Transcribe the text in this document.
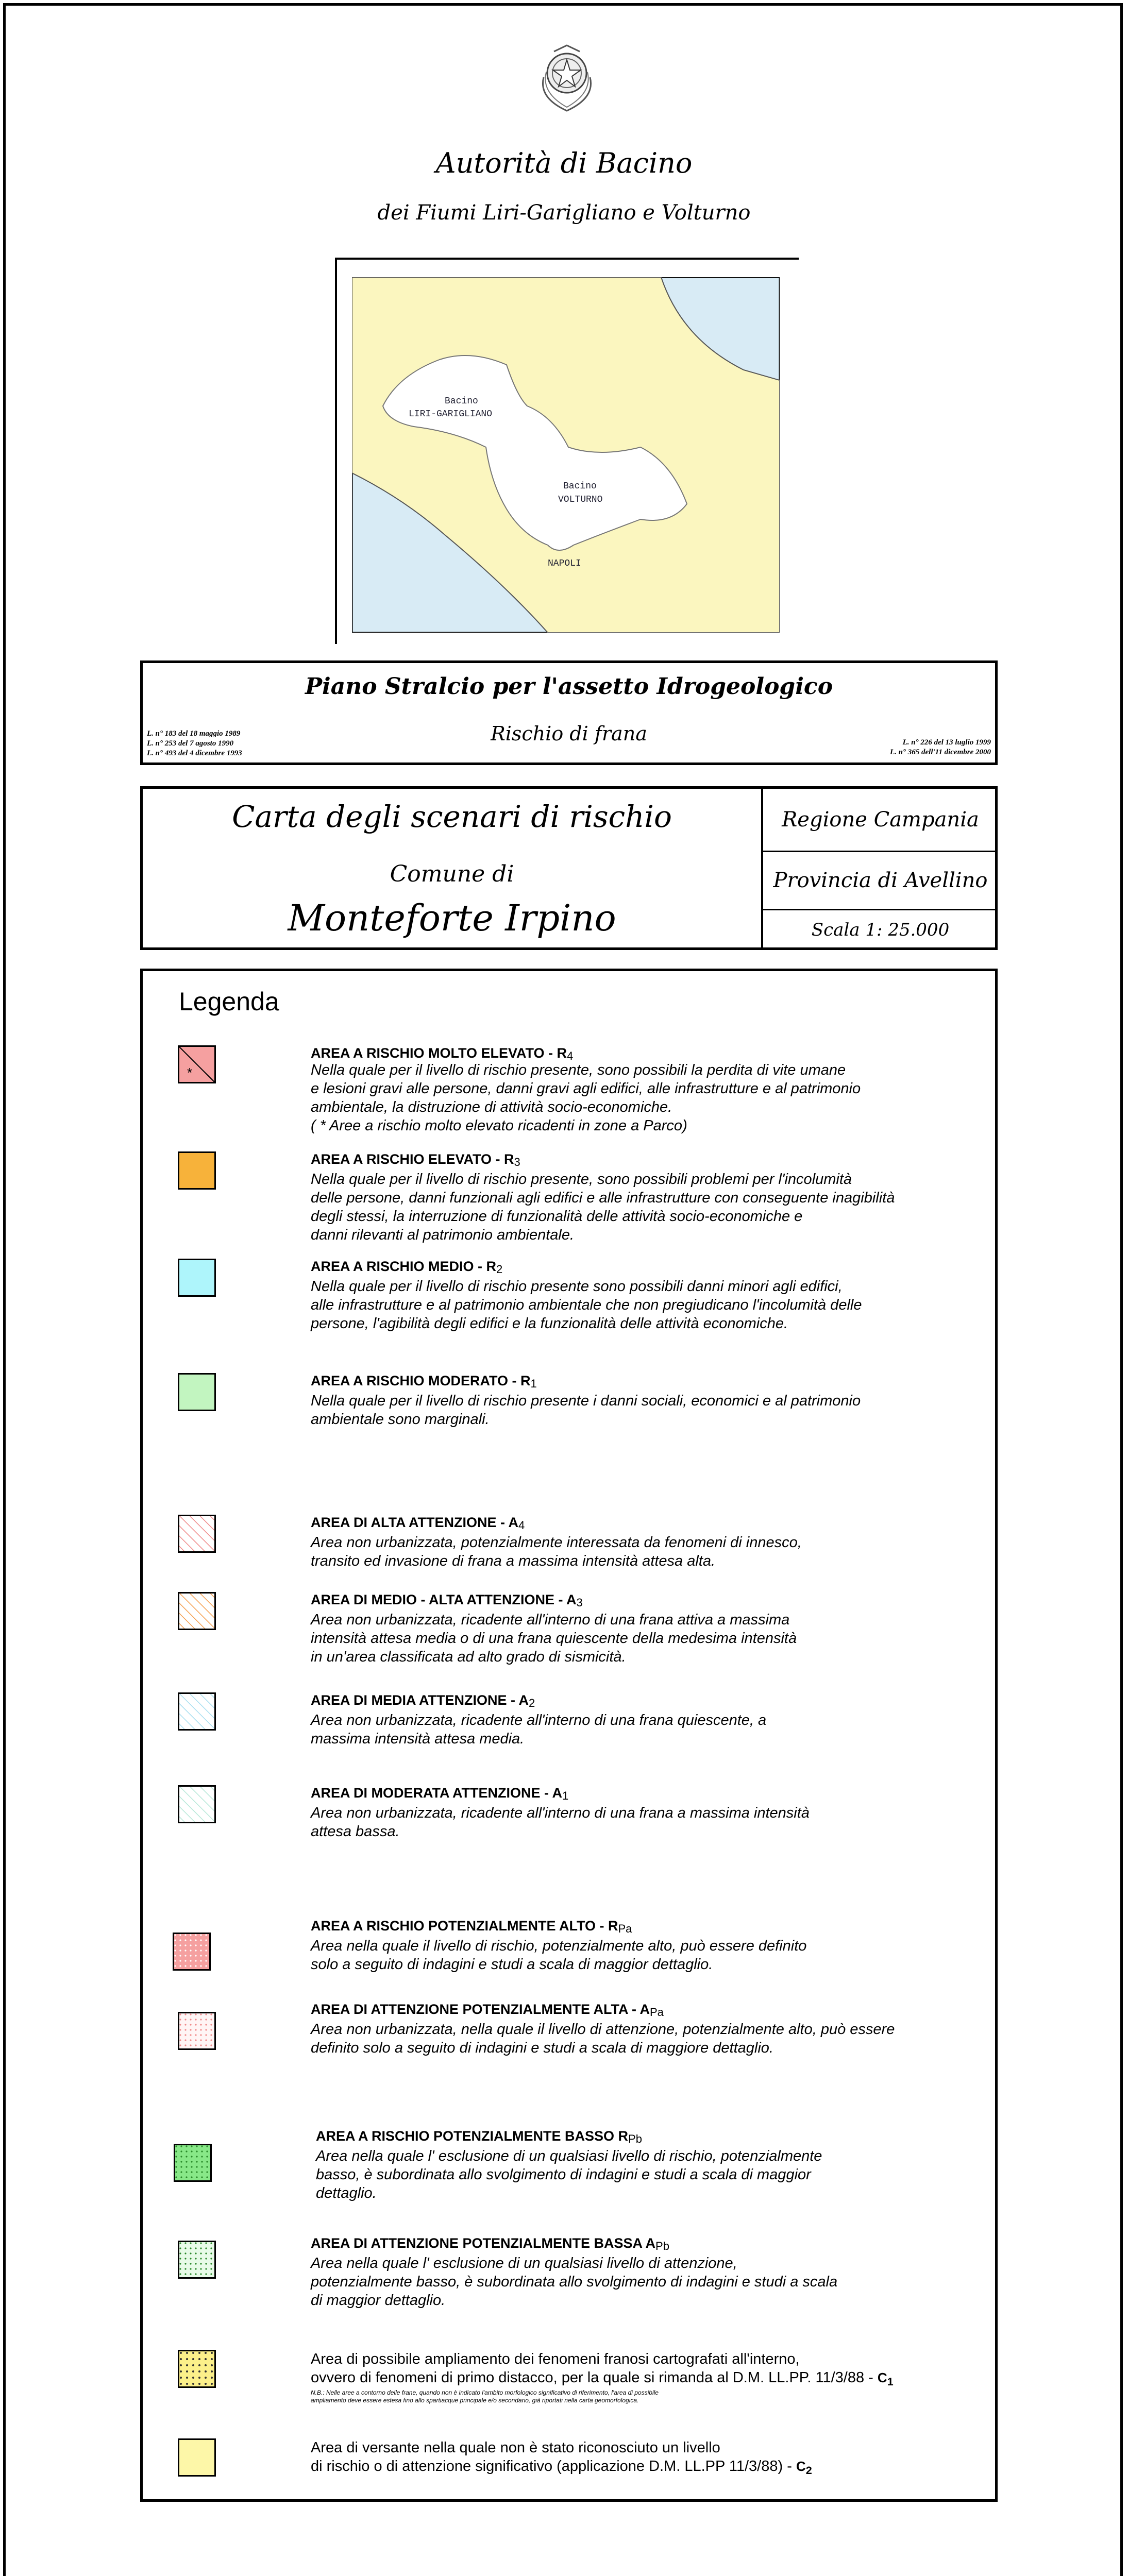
Autorità di Bacino
dei Fiumi Liri-Garigliano e Volturno
Bacino
LIRI-GARIGLIANO
Bacino
VOLTURNO
NAPOLI
Piano Stralcio per l'assetto Idrogeologico
Rischio di frana
L. n° 183 del 18 maggio 1989
L. n° 253 del 7 agosto 1990
L. n° 493 del 4 dicembre 1993
L. n° 226 del 13 luglio 1999
L. n° 365 dell'11 dicembre 2000
Carta degli scenari di rischio
Comune di
Monteforte Irpino
Regione Campania
Provincia di Avellino
Scala 1: 25.000
Legenda
*
AREA A RISCHIO MOLTO ELEVATO - R4
Nella quale per il livello di rischio presente, sono possibili la perdita di vite umane
e lesioni gravi alle persone, danni gravi agli edifici, alle infrastrutture e al patrimonio
ambientale, la distruzione di attività socio-economiche.
( * Aree a rischio molto elevato ricadenti in zone a Parco)
AREA A RISCHIO ELEVATO - R3
Nella quale per il livello di rischio presente, sono possibili problemi per l'incolumità
delle persone, danni funzionali agli edifici e alle infrastrutture con conseguente inagibilità
degli stessi, la interruzione di funzionalità delle attività socio-economiche e
danni rilevanti al patrimonio ambientale.
AREA A RISCHIO MEDIO - R2
Nella quale per il livello di rischio presente sono possibili danni minori agli edifici,
alle infrastrutture e al patrimonio ambientale che non pregiudicano l'incolumità delle
persone, l'agibilità degli edifici e la funzionalità delle attività economiche.
AREA A RISCHIO MODERATO - R1
Nella quale per il livello di rischio presente i danni sociali, economici e al patrimonio
ambientale sono marginali.
AREA DI ALTA ATTENZIONE - A4
Area non urbanizzata, potenzialmente interessata da fenomeni di innesco,
transito ed invasione di frana a massima intensità attesa alta.
AREA DI MEDIO - ALTA ATTENZIONE - A3
Area non urbanizzata, ricadente all'interno di una frana attiva a massima
intensità attesa media o di una frana quiescente della medesima intensità
in un'area classificata ad alto grado di sismicità.
AREA DI MEDIA ATTENZIONE - A2
Area non urbanizzata, ricadente all'interno di una frana quiescente, a
massima intensità attesa media.
AREA DI MODERATA ATTENZIONE - A1
Area non urbanizzata, ricadente all'interno di una frana a massima intensità
attesa bassa.
AREA A RISCHIO POTENZIALMENTE ALTO - RPa
Area nella quale il livello di rischio, potenzialmente alto, può essere definito
solo a seguito di indagini e studi a scala di maggior dettaglio.
AREA DI ATTENZIONE POTENZIALMENTE ALTA - APa
Area non urbanizzata, nella quale il livello di attenzione, potenzialmente alto, può essere
definito solo a seguito di indagini e studi a scala di maggiore dettaglio.
AREA A RISCHIO POTENZIALMENTE BASSO RPb
Area nella quale l' esclusione di un qualsiasi livello di rischio, potenzialmente
basso, è subordinata allo svolgimento di indagini e studi a scala di maggior
dettaglio.
AREA DI ATTENZIONE POTENZIALMENTE BASSA APb
Area nella quale l' esclusione di un qualsiasi livello di attenzione,
potenzialmente basso, è subordinata allo svolgimento di indagini e studi a scala
di maggior dettaglio.
Area di possibile ampliamento dei fenomeni franosi cartografati all'interno,
ovvero di fenomeni di primo distacco, per la quale si rimanda al D.M. LL.PP. $11/3/88 - C_1$
N.B.: Nelle aree a contorno delle frane, quando non è indicato l'ambito morfologico significativo di riferimento, l'area di possibile ampliamento deve essere estesa fino allo spartiacque principale e/o secondario, già riportati nella carta geomorfologica.
Area di versante nella quale non è stato riconosciuto un livello
di rischio o di attenzione significativo (applicazione D.M. LL.PP $11/3/88) - C_2$
